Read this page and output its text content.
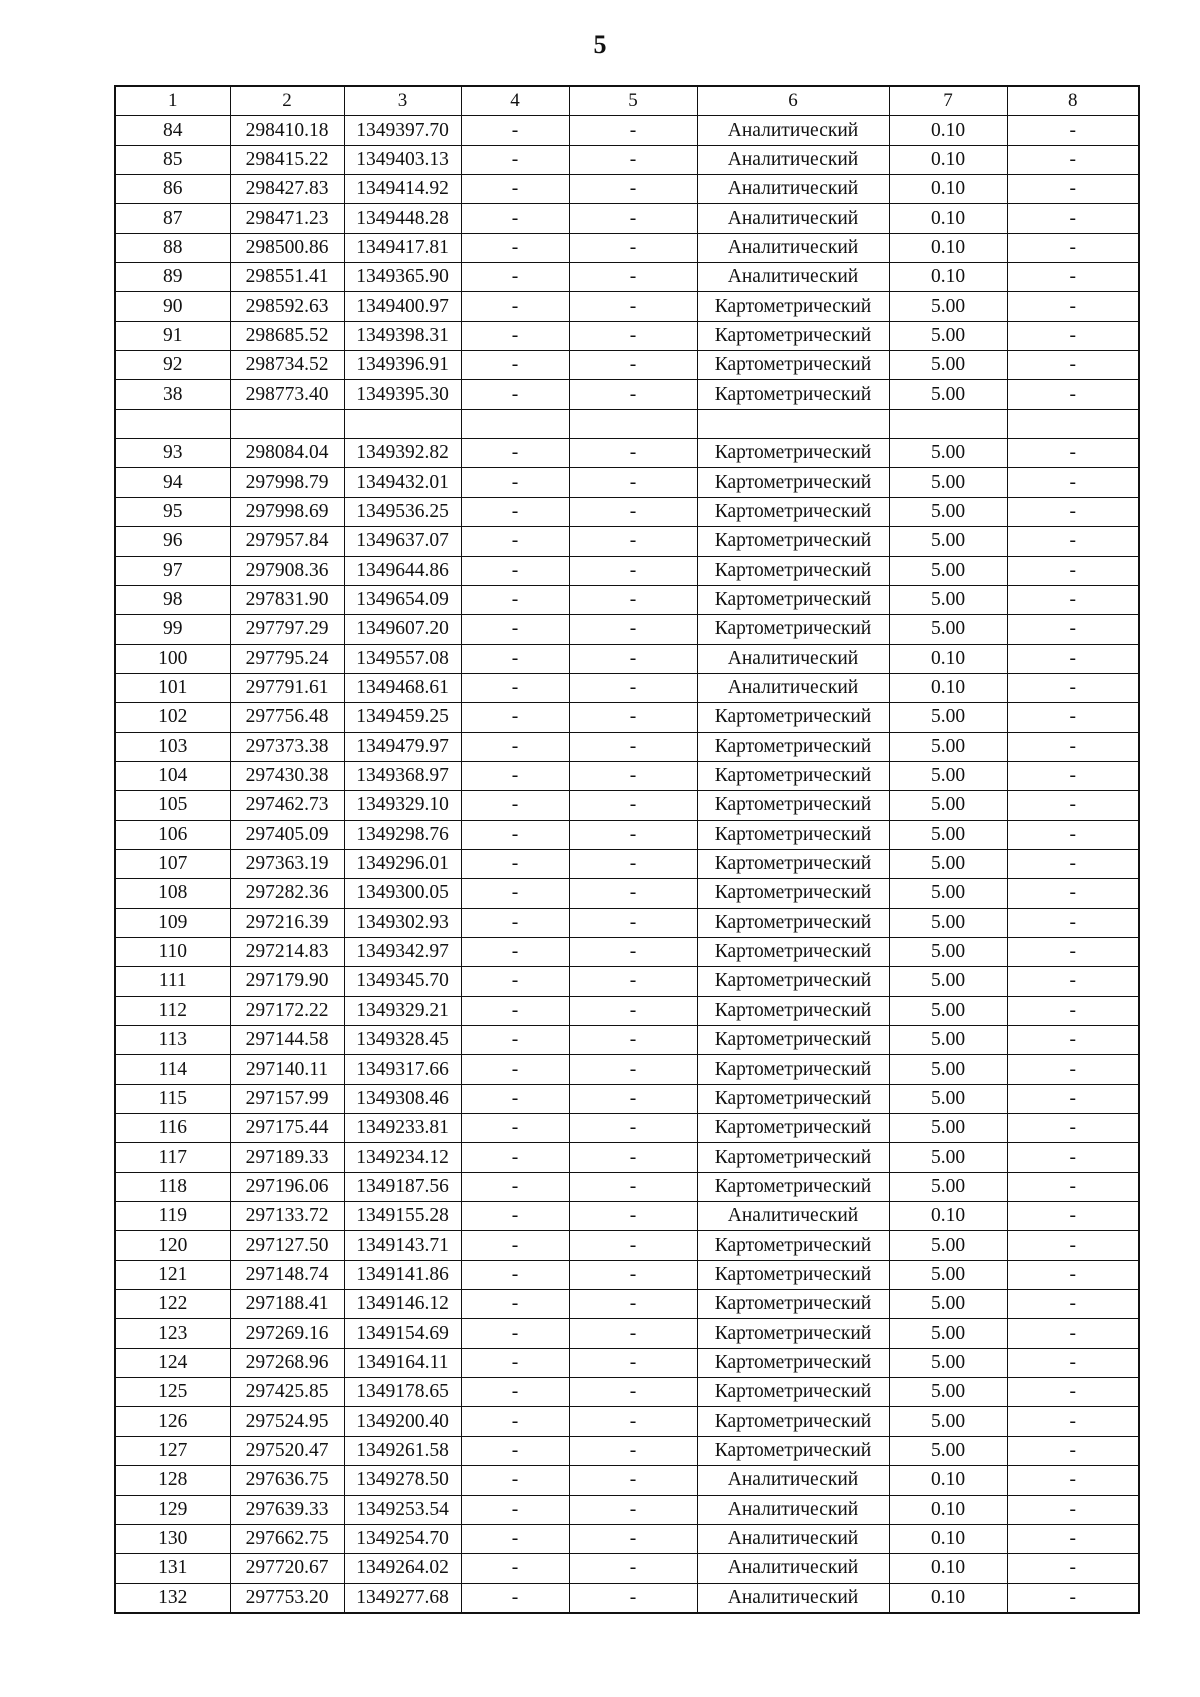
5
1	2	3	4	5	6	7	8
84	298410.18	1349397.70	-	-	Аналитический	0.10	-
85	298415.22	1349403.13	-	-	Аналитический	0.10	-
86	298427.83	1349414.92	-	-	Аналитический	0.10	-
87	298471.23	1349448.28	-	-	Аналитический	0.10	-
88	298500.86	1349417.81	-	-	Аналитический	0.10	-
89	298551.41	1349365.90	-	-	Аналитический	0.10	-
90	298592.63	1349400.97	-	-	Картометрический	5.00	-
91	298685.52	1349398.31	-	-	Картометрический	5.00	-
92	298734.52	1349396.91	-	-	Картометрический	5.00	-
38	298773.40	1349395.30	-	-	Картометрический	5.00	-

93	298084.04	1349392.82	-	-	Картометрический	5.00	-
94	297998.79	1349432.01	-	-	Картометрический	5.00	-
95	297998.69	1349536.25	-	-	Картометрический	5.00	-
96	297957.84	1349637.07	-	-	Картометрический	5.00	-
97	297908.36	1349644.86	-	-	Картометрический	5.00	-
98	297831.90	1349654.09	-	-	Картометрический	5.00	-
99	297797.29	1349607.20	-	-	Картометрический	5.00	-
100	297795.24	1349557.08	-	-	Аналитический	0.10	-
101	297791.61	1349468.61	-	-	Аналитический	0.10	-
102	297756.48	1349459.25	-	-	Картометрический	5.00	-
103	297373.38	1349479.97	-	-	Картометрический	5.00	-
104	297430.38	1349368.97	-	-	Картометрический	5.00	-
105	297462.73	1349329.10	-	-	Картометрический	5.00	-
106	297405.09	1349298.76	-	-	Картометрический	5.00	-
107	297363.19	1349296.01	-	-	Картометрический	5.00	-
108	297282.36	1349300.05	-	-	Картометрический	5.00	-
109	297216.39	1349302.93	-	-	Картометрический	5.00	-
110	297214.83	1349342.97	-	-	Картометрический	5.00	-
111	297179.90	1349345.70	-	-	Картометрический	5.00	-
112	297172.22	1349329.21	-	-	Картометрический	5.00	-
113	297144.58	1349328.45	-	-	Картометрический	5.00	-
114	297140.11	1349317.66	-	-	Картометрический	5.00	-
115	297157.99	1349308.46	-	-	Картометрический	5.00	-
116	297175.44	1349233.81	-	-	Картометрический	5.00	-
117	297189.33	1349234.12	-	-	Картометрический	5.00	-
118	297196.06	1349187.56	-	-	Картометрический	5.00	-
119	297133.72	1349155.28	-	-	Аналитический	0.10	-
120	297127.50	1349143.71	-	-	Картометрический	5.00	-
121	297148.74	1349141.86	-	-	Картометрический	5.00	-
122	297188.41	1349146.12	-	-	Картометрический	5.00	-
123	297269.16	1349154.69	-	-	Картометрический	5.00	-
124	297268.96	1349164.11	-	-	Картометрический	5.00	-
125	297425.85	1349178.65	-	-	Картометрический	5.00	-
126	297524.95	1349200.40	-	-	Картометрический	5.00	-
127	297520.47	1349261.58	-	-	Картометрический	5.00	-
128	297636.75	1349278.50	-	-	Аналитический	0.10	-
129	297639.33	1349253.54	-	-	Аналитический	0.10	-
130	297662.75	1349254.70	-	-	Аналитический	0.10	-
131	297720.67	1349264.02	-	-	Аналитический	0.10	-
132	297753.20	1349277.68	-	-	Аналитический	0.10	-
